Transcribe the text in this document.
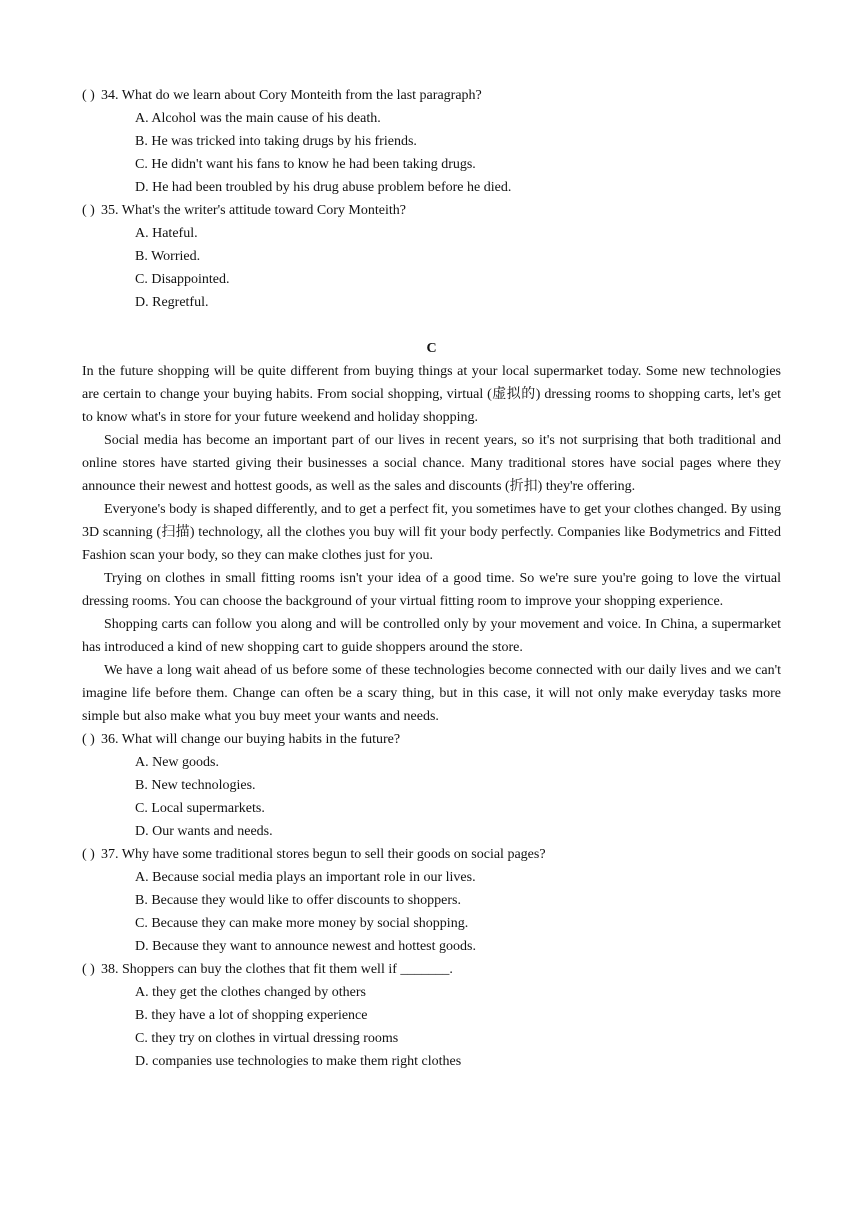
( ) 34. What do we learn about Cory Monteith from the last paragraph?
A. Alcohol was the main cause of his death.
B. He was tricked into taking drugs by his friends.
C. He didn't want his fans to know he had been taking drugs.
D. He had been troubled by his drug abuse problem before he died.
( ) 35. What's the writer's attitude toward Cory Monteith?
A. Hateful.
B. Worried.
C. Disappointed.
D. Regretful.
C

In the future shopping will be quite different from buying things at your local supermarket today. Some new technologies are certain to change your buying habits. From social shopping, virtual (虚拟的) dressing rooms to shopping carts, let's get to know what's in store for your future weekend and holiday shopping.

Social media has become an important part of our lives in recent years, so it's not surprising that both traditional and online stores have started giving their businesses a social chance. Many traditional stores have social pages where they announce their newest and hottest goods, as well as the sales and discounts (折扣) they're offering.

Everyone's body is shaped differently, and to get a perfect fit, you sometimes have to get your clothes changed. By using 3D scanning (扫描) technology, all the clothes you buy will fit your body perfectly. Companies like Bodymetrics and Fitted Fashion scan your body, so they can make clothes just for you.

Trying on clothes in small fitting rooms isn't your idea of a good time. So we're sure you're going to love the virtual dressing rooms. You can choose the background of your virtual fitting room to improve your shopping experience.

Shopping carts can follow you along and will be controlled only by your movement and voice. In China, a supermarket has introduced a kind of new shopping cart to guide shoppers around the store.

We have a long wait ahead of us before some of these technologies become connected with our daily lives and we can't imagine life before them. Change can often be a scary thing, but in this case, it will not only make everyday tasks more simple but also make what you buy meet your wants and needs.

( ) 36. What will change our buying habits in the future?
A. New goods.
B. New technologies.
C. Local supermarkets.
D. Our wants and needs.
( ) 37. Why have some traditional stores begun to sell their goods on social pages?
A. Because social media plays an important role in our lives.
B. Because they would like to offer discounts to shoppers.
C. Because they can make more money by social shopping.
D. Because they want to announce newest and hottest goods.
( ) 38. Shoppers can buy the clothes that fit them well if _______.
A. they get the clothes changed by others
B. they have a lot of shopping experience
C. they try on clothes in virtual dressing rooms
D. companies use technologies to make them right clothes
